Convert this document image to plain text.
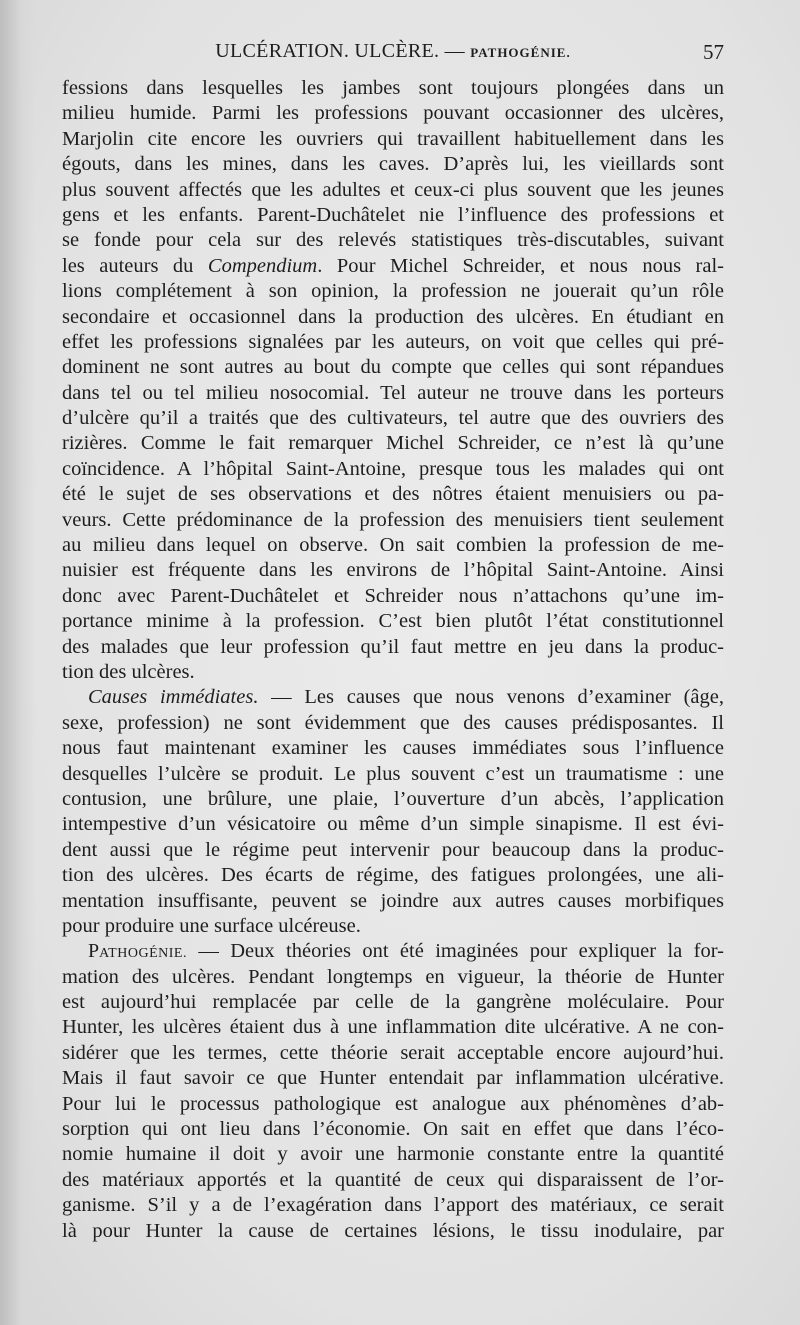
ULCÉRATION. ULCÈRE. — PATHOGÉNIE.	57
fessions dans lesquelles les jambes sont toujours plongées dans un
milieu humide. Parmi les professions pouvant occasionner des ulcères,
Marjolin cite encore les ouvriers qui travaillent habituellement dans les
égouts, dans les mines, dans les caves. D’après lui, les vieillards sont
plus souvent affectés que les adultes et ceux-ci plus souvent que les jeunes
gens et les enfants. Parent-Duchâtelet nie l’influence des professions et
se fonde pour cela sur des relevés statistiques très-discutables, suivant
les auteurs du Compendium. Pour Michel Schreider, et nous nous ral-
lions complétement à son opinion, la profession ne jouerait qu’un rôle
secondaire et occasionnel dans la production des ulcères. En étudiant en
effet les professions signalées par les auteurs, on voit que celles qui pré-
dominent ne sont autres au bout du compte que celles qui sont répandues
dans tel ou tel milieu nosocomial. Tel auteur ne trouve dans les porteurs
d’ulcère qu’il a traités que des cultivateurs, tel autre que des ouvriers des
rizières. Comme le fait remarquer Michel Schreider, ce n’est là qu’une
coïncidence. A l’hôpital Saint-Antoine, presque tous les malades qui ont
été le sujet de ses observations et des nôtres étaient menuisiers ou pa-
veurs. Cette prédominance de la profession des menuisiers tient seulement
au milieu dans lequel on observe. On sait combien la profession de me-
nuisier est fréquente dans les environs de l’hôpital Saint-Antoine. Ainsi
donc avec Parent-Duchâtelet et Schreider nous n’attachons qu’une im-
portance minime à la profession. C’est bien plutôt l’état constitutionnel
des malades que leur profession qu’il faut mettre en jeu dans la produc-
tion des ulcères.
Causes immédiates. — Les causes que nous venons d’examiner (âge,
sexe, profession) ne sont évidemment que des causes prédisposantes. Il
nous faut maintenant examiner les causes immédiates sous l’influence
desquelles l’ulcère se produit. Le plus souvent c’est un traumatisme : une
contusion, une brûlure, une plaie, l’ouverture d’un abcès, l’application
intempestive d’un vésicatoire ou même d’un simple sinapisme. Il est évi-
dent aussi que le régime peut intervenir pour beaucoup dans la produc-
tion des ulcères. Des écarts de régime, des fatigues prolongées, une ali-
mentation insuffisante, peuvent se joindre aux autres causes morbifiques
pour produire une surface ulcéreuse.
PATHOGÉNIE. — Deux théories ont été imaginées pour expliquer la for-
mation des ulcères. Pendant longtemps en vigueur, la théorie de Hunter
est aujourd’hui remplacée par celle de la gangrène moléculaire. Pour
Hunter, les ulcères étaient dus à une inflammation dite ulcérative. A ne con-
sidérer que les termes, cette théorie serait acceptable encore aujourd’hui.
Mais il faut savoir ce que Hunter entendait par inflammation ulcérative.
Pour lui le processus pathologique est analogue aux phénomènes d’ab-
sorption qui ont lieu dans l’économie. On sait en effet que dans l’éco-
nomie humaine il doit y avoir une harmonie constante entre la quantité
des matériaux apportés et la quantité de ceux qui disparaissent de l’or-
ganisme. S’il y a de l’exagération dans l’apport des matériaux, ce serait
là pour Hunter la cause de certaines lésions, le tissu inodulaire, par
